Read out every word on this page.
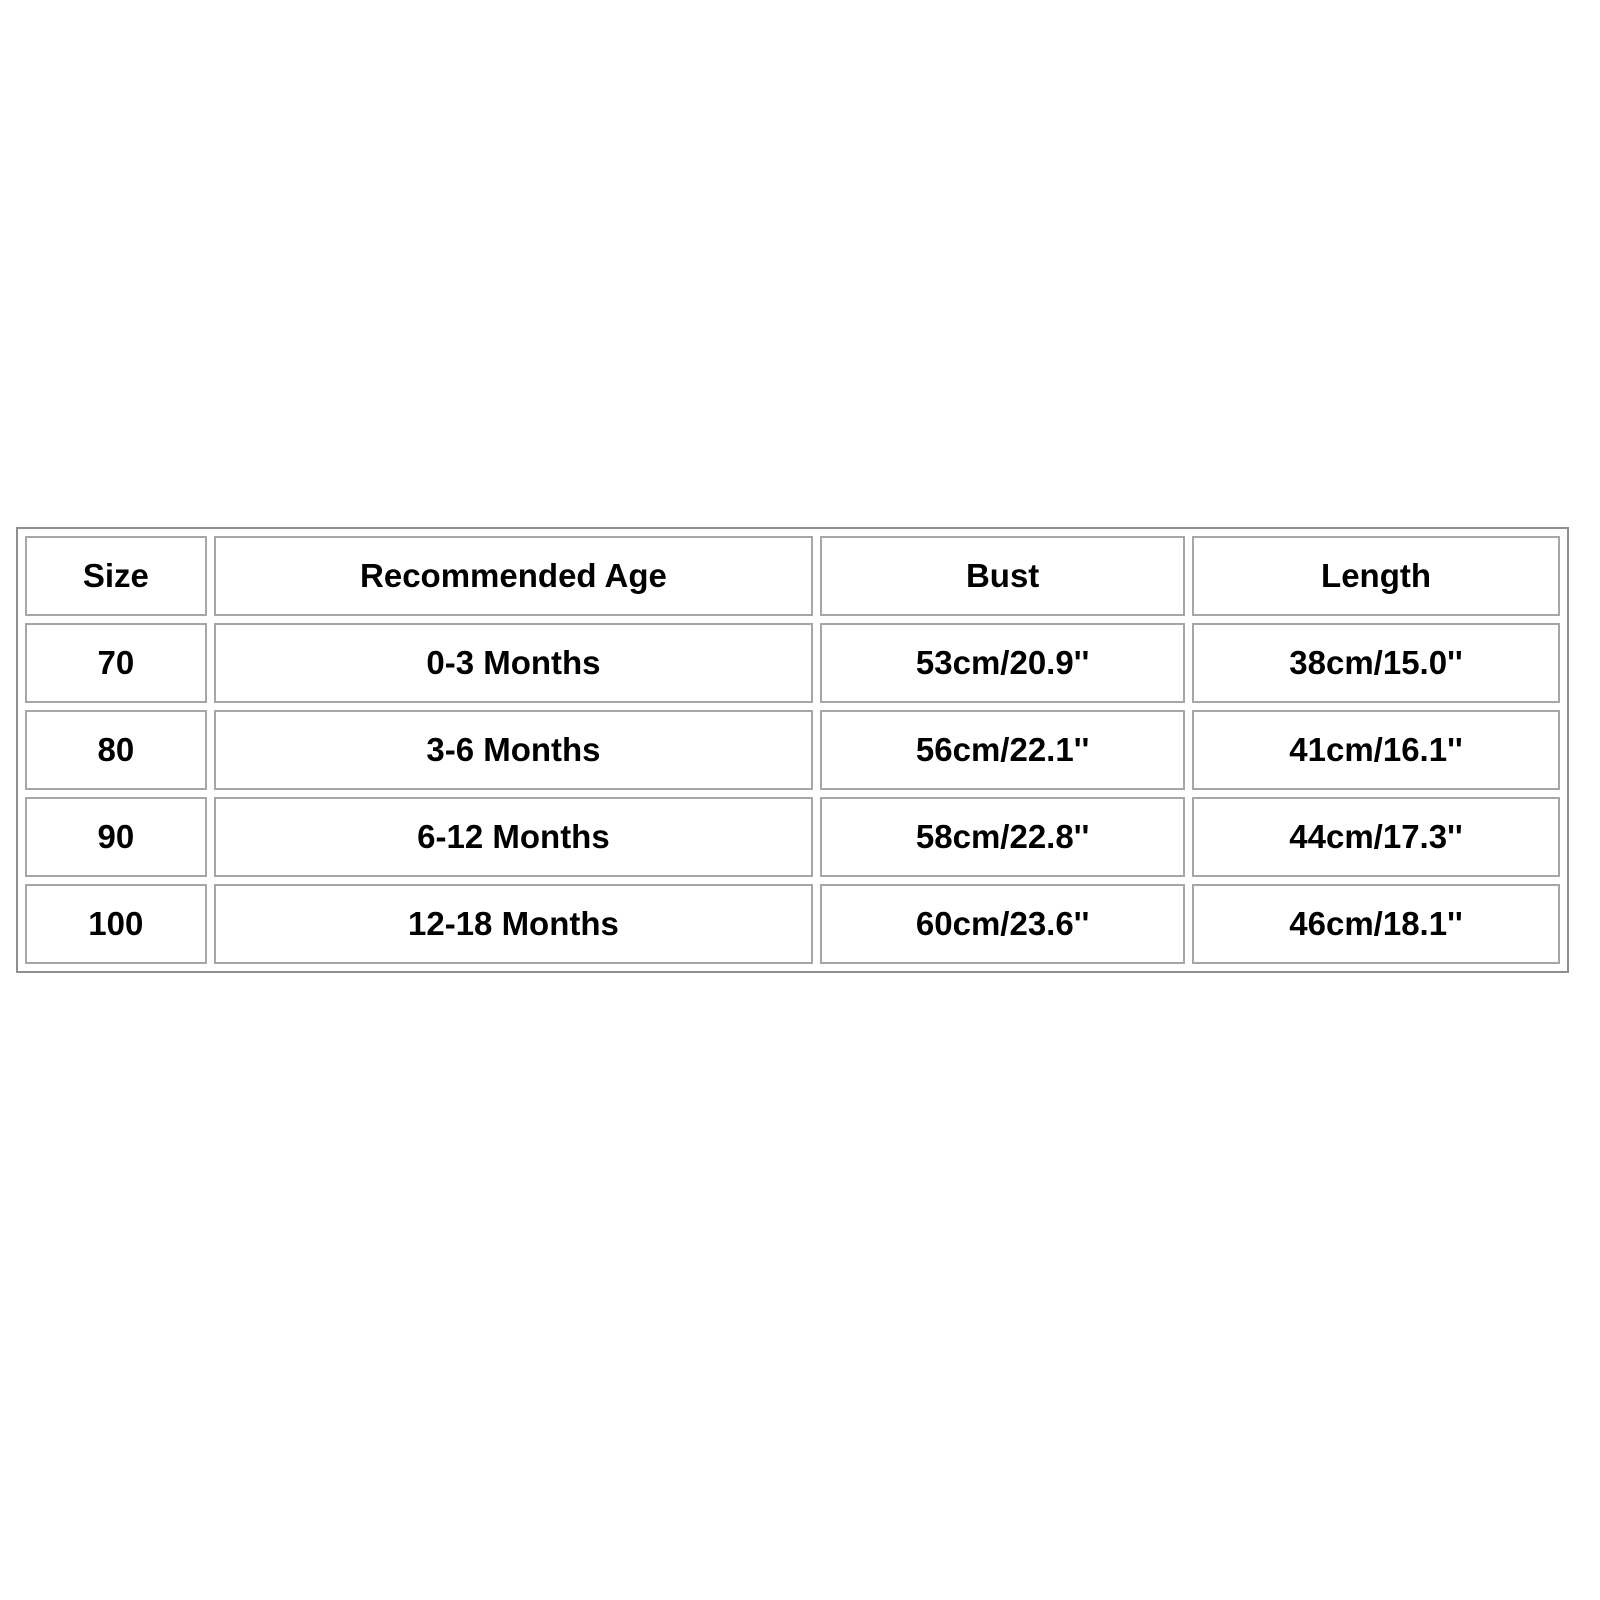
Size	Recommended Age	Bust	Length
70	0-3 Months	53cm/20.9''	38cm/15.0''
80	3-6 Months	56cm/22.1''	41cm/16.1''
90	6-12 Months	58cm/22.8''	44cm/17.3''
100	12-18 Months	60cm/23.6''	46cm/18.1''
